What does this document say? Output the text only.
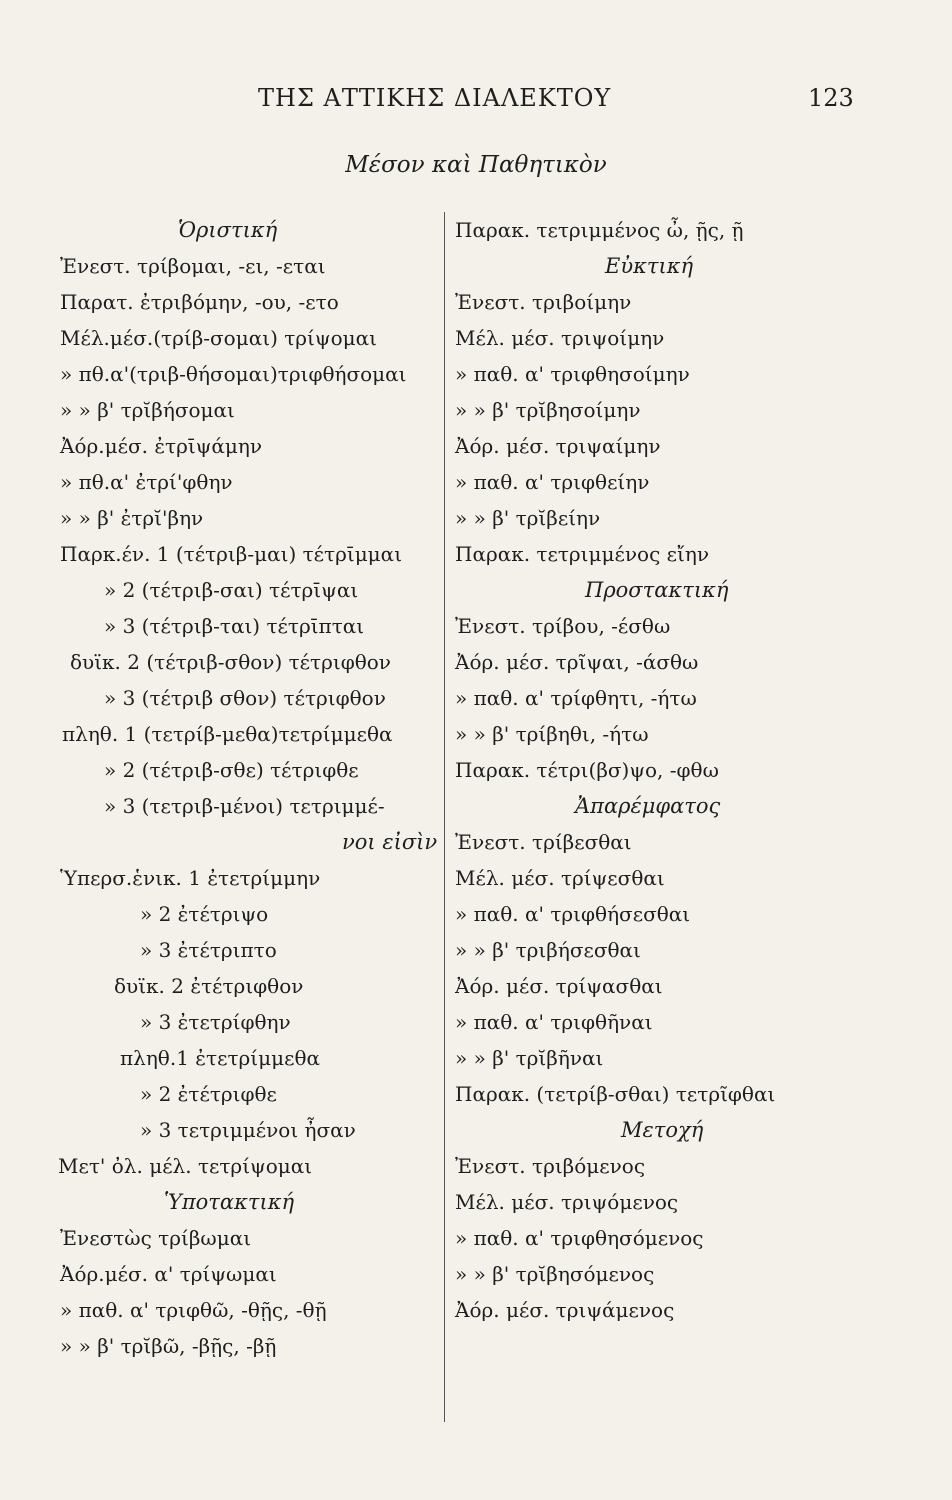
ΤΗΣ ΑΤΤΙΚΗΣ ΔΙΑΛΕΚΤΟΥ	123
Μέσον καὶ Παθητικὸν
Ὁριστική
Ἐνεστ. τρίβομαι, -ει, -εται
Παρατ. ἐτριβόμην, -ου, -ετο
Μέλ.μέσ.(τρίβ-σομαι) τρίψομαι
» πθ.α'(τριβ-θήσομαι)τριφθήσομαι
» » β' τρῐβήσομαι
Ἀόρ.μέσ. ἐτρῑψάμην
» πθ.α' ἐτρί'φθην
» » β' ἐτρῐ'βην
Παρκ.έν. 1 (τέτριβ-μαι) τέτρῑμμαι
» 2 (τέτριβ-σαι) τέτρῑψαι
» 3 (τέτριβ-ται) τέτρῑπται
δυϊκ. 2 (τέτριβ-σθον) τέτριφθον
» 3 (τέτριβ σθον) τέτριφθον
πληθ. 1 (τετρίβ-μεθα)τετρίμμεθα
» 2 (τέτριβ-σθε) τέτριφθε
» 3 (τετριβ-μένοι) τετριμμέ-
νοι εἰσὶν
Ὑπερσ.ἑνικ. 1 ἐτετρίμμην
» 2 ἐτέτριψο
» 3 ἐτέτριπτο
δυϊκ. 2 ἐτέτριφθον
» 3 ἐτετρίφθην
πληθ.1 ἐτετρίμμεθα
» 2 ἐτέτριφθε
» 3 τετριμμένοι ἦσαν
Μετ' ὀλ. μέλ. τετρίψομαι
Ὑποτακτική
Ἐνεστὼς τρίβωμαι
Ἀόρ.μέσ. α' τρίψωμαι
» παθ. α' τριφθῶ, -θῇς, -θῇ
» » β' τρῐβῶ, -βῇς, -βῇ
Παρακ. τετριμμένος ὦ, ῇς, ῇ
Εὐκτική
Ἐνεστ. τριβοίμην
Μέλ. μέσ. τριψοίμην
» παθ. α' τριφθησοίμην
» » β' τρῐβησοίμην
Ἀόρ. μέσ. τριψαίμην
» παθ. α' τριφθείην
» » β' τρῐβείην
Παρακ. τετριμμένος εἴην
Προστακτική
Ἐνεστ. τρίβου, -έσθω
Ἀόρ. μέσ. τρῖψαι, -άσθω
» παθ. α' τρίφθητι, -ήτω
» » β' τρίβηθι, -ήτω
Παρακ. τέτρι(βσ)ψο, -φθω
Ἀπαρέμφατος
Ἐνεστ. τρίβεσθαι
Μέλ. μέσ. τρίψεσθαι
» παθ. α' τριφθήσεσθαι
» » β' τριβήσεσθαι
Ἀόρ. μέσ. τρίψασθαι
» παθ. α' τριφθῆναι
» » β' τρῐβῆναι
Παρακ. (τετρίβ-σθαι) τετρῖφθαι
Μετοχή
Ἐνεστ. τριβόμενος
Μέλ. μέσ. τριψόμενος
» παθ. α' τριφθησόμενος
» » β' τρῐβησόμενος
Ἀόρ. μέσ. τριψάμενος
